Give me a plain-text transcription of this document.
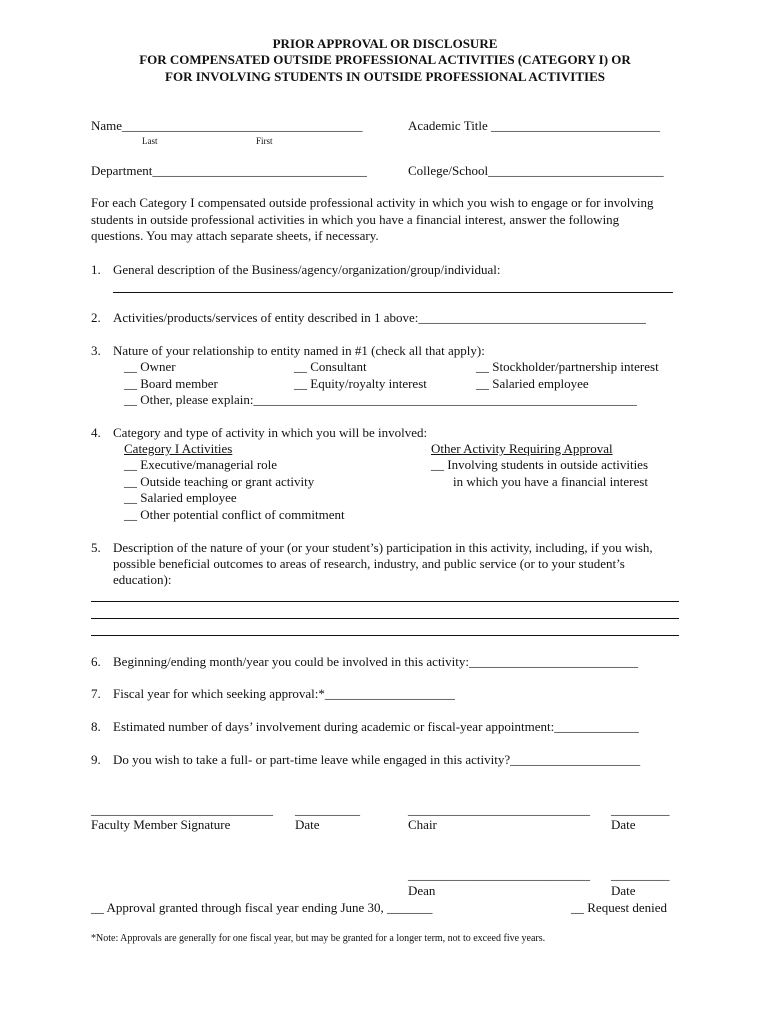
PRIOR APPROVAL OR DISCLOSURE
FOR COMPENSATED OUTSIDE PROFESSIONAL ACTIVITIES (CATEGORY I) OR
FOR INVOLVING STUDENTS IN OUTSIDE PROFESSIONAL ACTIVITIES
Name_____________________________________
Last	First
Academic Title __________________________
Department_________________________________	College/School___________________________
For each Category I compensated outside professional activity in which you wish to engage or for involving students in outside professional activities in which you have a financial interest, answer the following questions. You may attach separate sheets, if necessary.
1. General description of the Business/agency/organization/group/individual:
2. Activities/products/services of entity described in 1 above:___________________________________
3. Nature of your relationship to entity named in #1 (check all that apply):
__ Owner	__ Consultant	__ Stockholder/partnership interest
__ Board member	__ Equity/royalty interest	__ Salaried employee
__ Other, please explain:___________________________________________________________
4. Category and type of activity in which you will be involved:
Category I Activities	Other Activity Requiring Approval
__ Executive/managerial role	__ Involving students in outside activities
__ Outside teaching or grant activity	in which you have a financial interest
__ Salaried employee
__ Other potential conflict of commitment
5. Description of the nature of your (or your student’s) participation in this activity, including, if you wish, possible beneficial outcomes to areas of research, industry, and public service (or to your student’s education):
6. Beginning/ending month/year you could be involved in this activity:__________________________
7. Fiscal year for which seeking approval:*____________________
8. Estimated number of days’ involvement during academic or fiscal-year appointment:_____________
9. Do you wish to take a full- or part-time leave while engaged in this activity?____________________
____________________________
Faculty Member Signature
__________
Date
____________________________
Chair
_________
Date
____________________________
Dean
_________
Date
__ Approval granted through fiscal year ending June 30, _______	__ Request denied
*Note: Approvals are generally for one fiscal year, but may be granted for a longer term, not to exceed five years.
